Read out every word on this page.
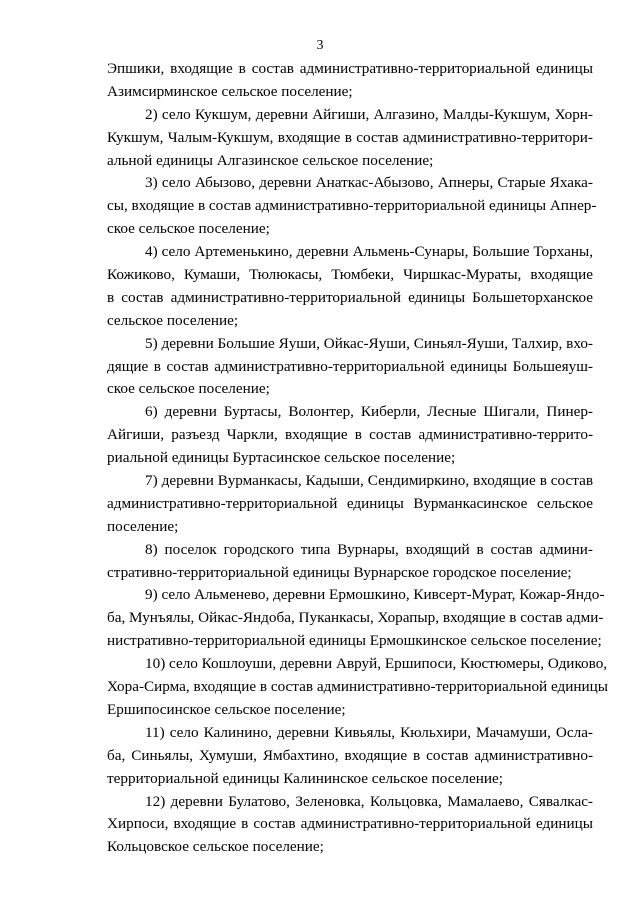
3
Эпшики, входящие в состав административно-территориальной единицы
Азимсирминское сельское поселение;
2) село Кукшум, деревни Айгиши, Алгазино, Малды-Кукшум, Хорн-
Кукшум, Чалым-Кукшум, входящие в состав административно-территори-
альной единицы Алгазинское сельское поселение;
3) село Абызово, деревни Анаткас-Абызово, Апнеры, Старые Яхака-
сы, входящие в состав административно-территориальной единицы Апнер-
ское сельское поселение;
4) село Артеменькино, деревни Альмень-Сунары, Большие Торханы,
Кожиково, Кумаши, Тюлюкасы, Тюмбеки, Чиршкас-Мураты, входящие
в состав административно-территориальной единицы Большеторханское
сельское поселение;
5) деревни Большие Яуши, Ойкас-Яуши, Синьял-Яуши, Талхир, вхо-
дящие в состав административно-территориальной единицы Большеяуш-
ское сельское поселение;
6) деревни Буртасы, Волонтер, Киберли, Лесные Шигали, Пинер-
Айгиши, разъезд Чаркли, входящие в состав административно-террито-
риальной единицы Буртасинское сельское поселение;
7) деревни Вурманкасы, Кадыши, Сендимиркино, входящие в состав
административно-территориальной единицы Вурманкасинское сельское
поселение;
8) поселок городского типа Вурнары, входящий в состав админи-
стративно-территориальной единицы Вурнарское городское поселение;
9) село Альменево, деревни Ермошкино, Кивсерт-Мурат, Кожар-Яндо-
ба, Мунъялы, Ойкас-Яндоба, Пуканкасы, Хорапыр, входящие в состав адми-
нистративно-территориальной единицы Ермошкинское сельское поселение;
10) село Кошлоуши, деревни Авруй, Ершипоси, Кюстюмеры, Одиково,
Хора-Сирма, входящие в состав административно-территориальной единицы
Ершипосинское сельское поселение;
11) село Калинино, деревни Кивьялы, Кюльхири, Мачамуши, Осла-
ба, Синьялы, Хумуши, Ямбахтино, входящие в состав административно-
территориальной единицы Калининское сельское поселение;
12) деревни Булатово, Зеленовка, Кольцовка, Мамалаево, Сявалкас-
Хирпоси, входящие в состав административно-территориальной единицы
Кольцовское сельское поселение;
